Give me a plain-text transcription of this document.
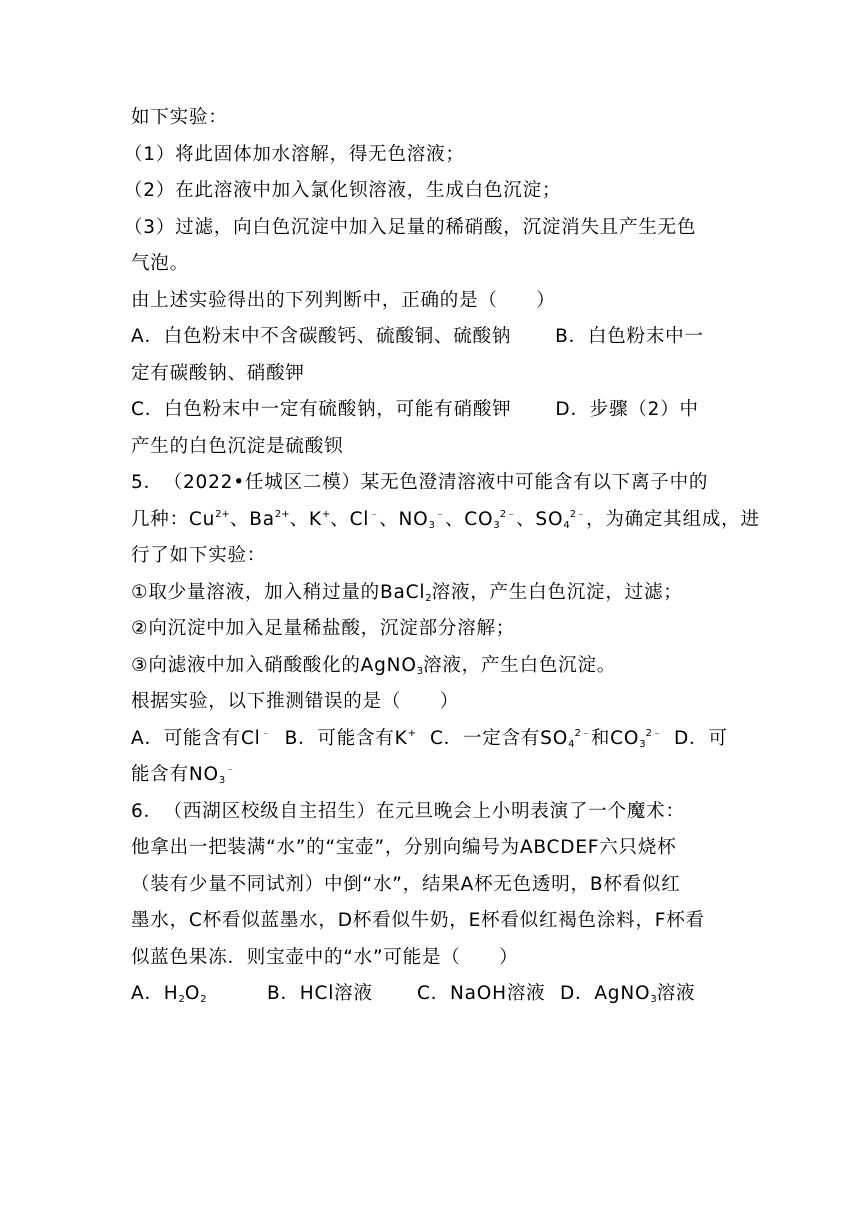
如下实验：
（1）将此固体加水溶解，得无色溶液；
（2）在此溶液中加入氯化钡溶液，生成白色沉淀；
（3）过滤，向白色沉淀中加入足量的稀硝酸，沉淀消失且产生无色
气泡。
由上述实验得出的下列判断中，正确的是（　　）
A．白色粉末中不含碳酸钙、硫酸铜、硫酸钠 B．白色粉末中一
定有碳酸钠、硝酸钾
C．白色粉末中一定有硫酸钠，可能有硝酸钾 D．步骤（2）中
产生的白色沉淀是硫酸钡
5．　（2022•任城区二模）某无色澄清溶液中可能含有以下离子中的
几种：$Cu^{2+}$、$Ba^{2+}$、K+、Cl﹣、$NO_3^﹣$、$CO_3^{2﹣}$、$SO_4^{2﹣}$，为确定其组成，进
行了如下实验：
①取少量溶液，加入稍过量的BaCl$_2$溶液，产生白色沉淀，过滤；
②向沉淀中加入足量稀盐酸，沉淀部分溶解；
③向滤液中加入硝酸酸化的AgNO$_3$溶液，产生白色沉淀。
根据实验，以下推测错误的是（　　）
A．可能含有Cl﹣ B．可能含有K+ C．一定含有$SO_4^{2﹣}$和$CO_3^{2﹣}$ D．可
能含有$NO_3^﹣$
6．　（西湖区校级自主招生）在元旦晚会上小明表演了一个魔术：
他拿出一把装满“水”的“宝壶”，分别向编号为ABCDEF六只烧杯
（装有少量不同试剂）中倒“水”，结果A杯无色透明，B杯看似红
墨水，C杯看似蓝墨水，D杯看似牛奶，E杯看似红褐色涂料，F杯看
似蓝色果冻．则宝壶中的“水”可能是（　　）
A．$H_2O_2$	B．HCl溶液 C．NaOH溶液 D．AgNO$_3$溶液
